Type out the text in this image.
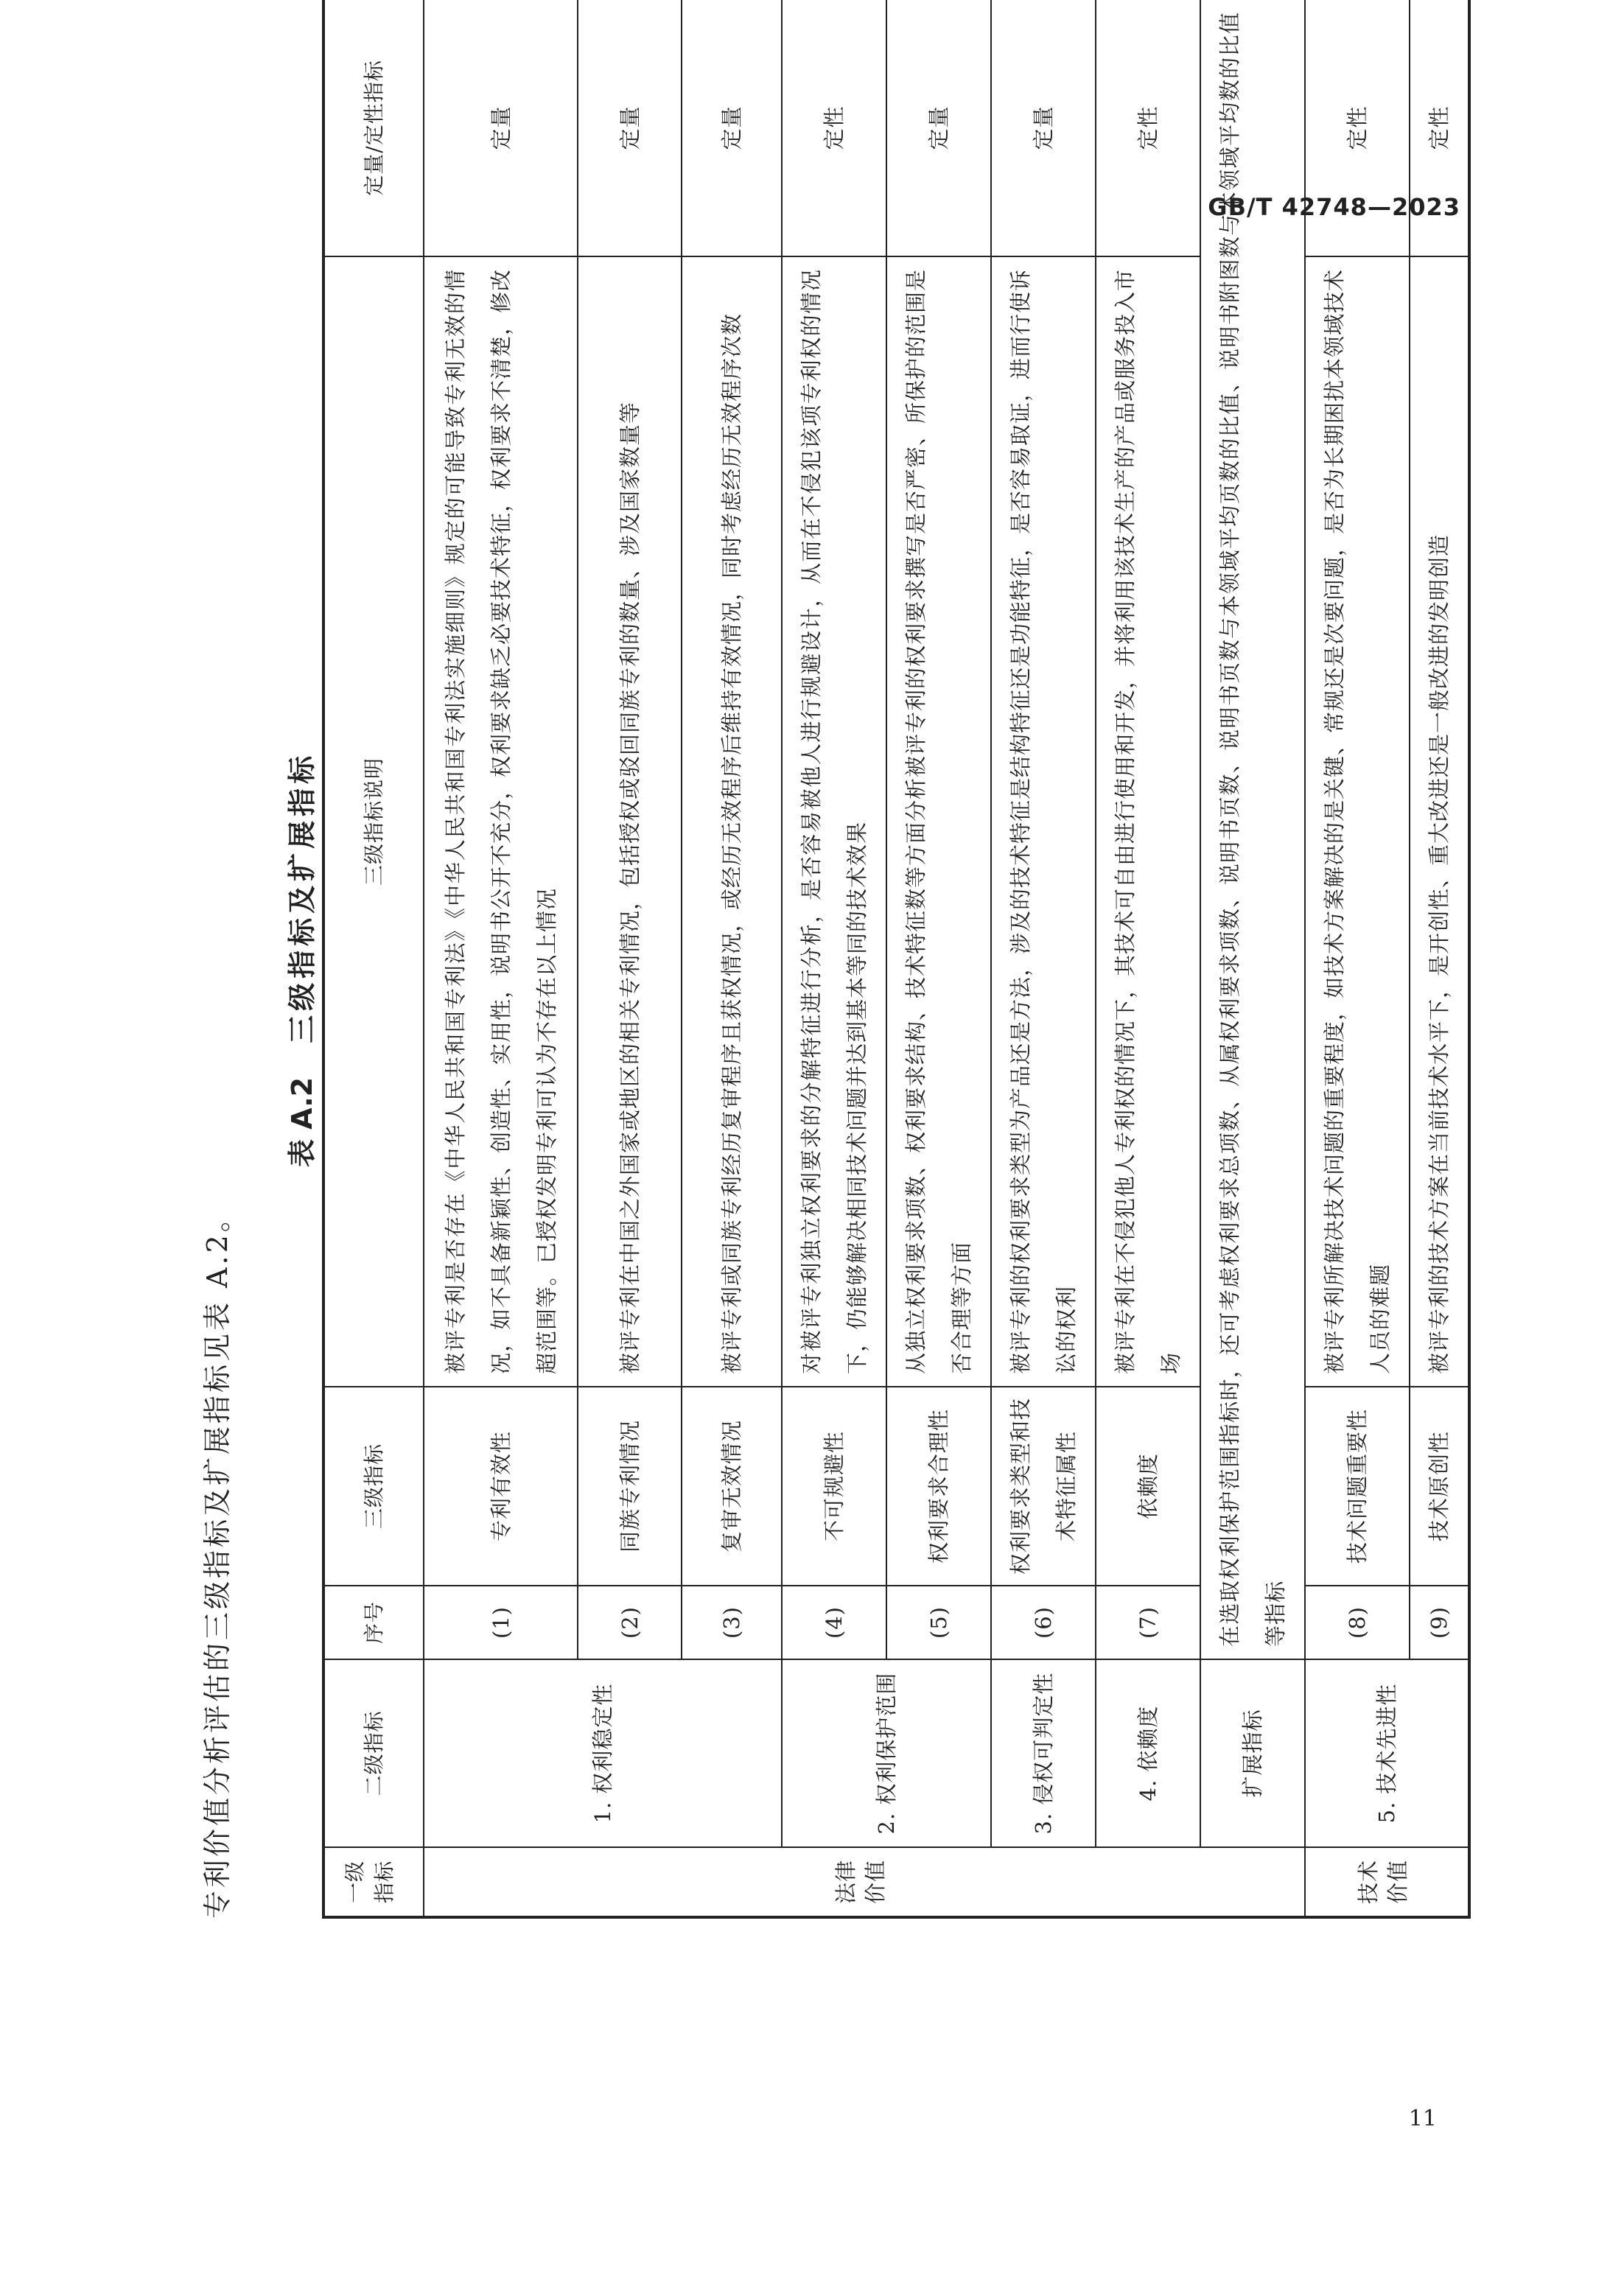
GB/T 42748—2023
专利价值分析评估的三级指标及扩展指标见表 A.2。
表 A.2
三级指标及扩展指标
一级指标	二级指标	序号	三级指标	三级指标说明	定量/定性指标
法律价值	1. 权利稳定性	(1)	专利有效性	被评专利是否存在《中华人民共和国专利法》《中华人民共和国专利法实施细则》规定的可能导致专利无效的情况，如不具备新颖性、创造性、实用性，说明书公开不充分，权利要求缺乏必要技术特征，权利要求不清楚，修改超范围等。已授权发明专利可认为不存在以上情况	定量
		(2)	同族专利情况	被评专利在中国之外国家或地区的相关专利情况，包括授权或驳回同族专利的数量、涉及国家数量等	定量
		(3)	复审无效情况	被评专利或同族专利经历复审程序且获权情况，或经历无效程序后维持有效情况，同时考虑经历无效程序次数	定量
	2. 权利保护范围	(4)	不可规避性	对被评专利独立权利要求的分解特征进行分析，是否容易被他人进行规避设计，从而在不侵犯该项专利权的情况下，仍能够解决相同技术问题并达到基本等同的技术效果	定性
		(5)	权利要求合理性	从独立权利要求项数、权利要求结构、技术特征数等方面分析被评专利的权利要求撰写是否严密、所保护的范围是否合理等方面	定量
	3. 侵权可判定性	(6)	权利要求类型和技术特征属性	被评专利的权利要求类型为产品还是方法，涉及的技术特征是结构特征还是功能特征，是否容易取证，进而行使诉讼的权利	定量
	4. 依赖度	(7)	依赖度	被评专利在不侵犯他人专利权的情况下，其技术可自由进行使用和开发，并将利用该技术生产的产品或服务投入市场	定性
	扩展指标	在选取权利保护范围指标时，还可考虑权利要求总项数、从属权利要求项数、说明书页数、说明书页数与本领域平均页数的比值、说明书附图数与本领域平均数的比值等指标			
技术价值	5. 技术先进性	(8)	技术问题重要性	被评专利所解决技术问题的重要程度，如技术方案解决的是关键、常规还是次要问题，是否为长期困扰本领域技术人员的难题	定性
		(9)	技术原创性	被评专利的技术方案在当前技术水平下，是开创性、重大改进还是一般改进的发明创造	定性
11
